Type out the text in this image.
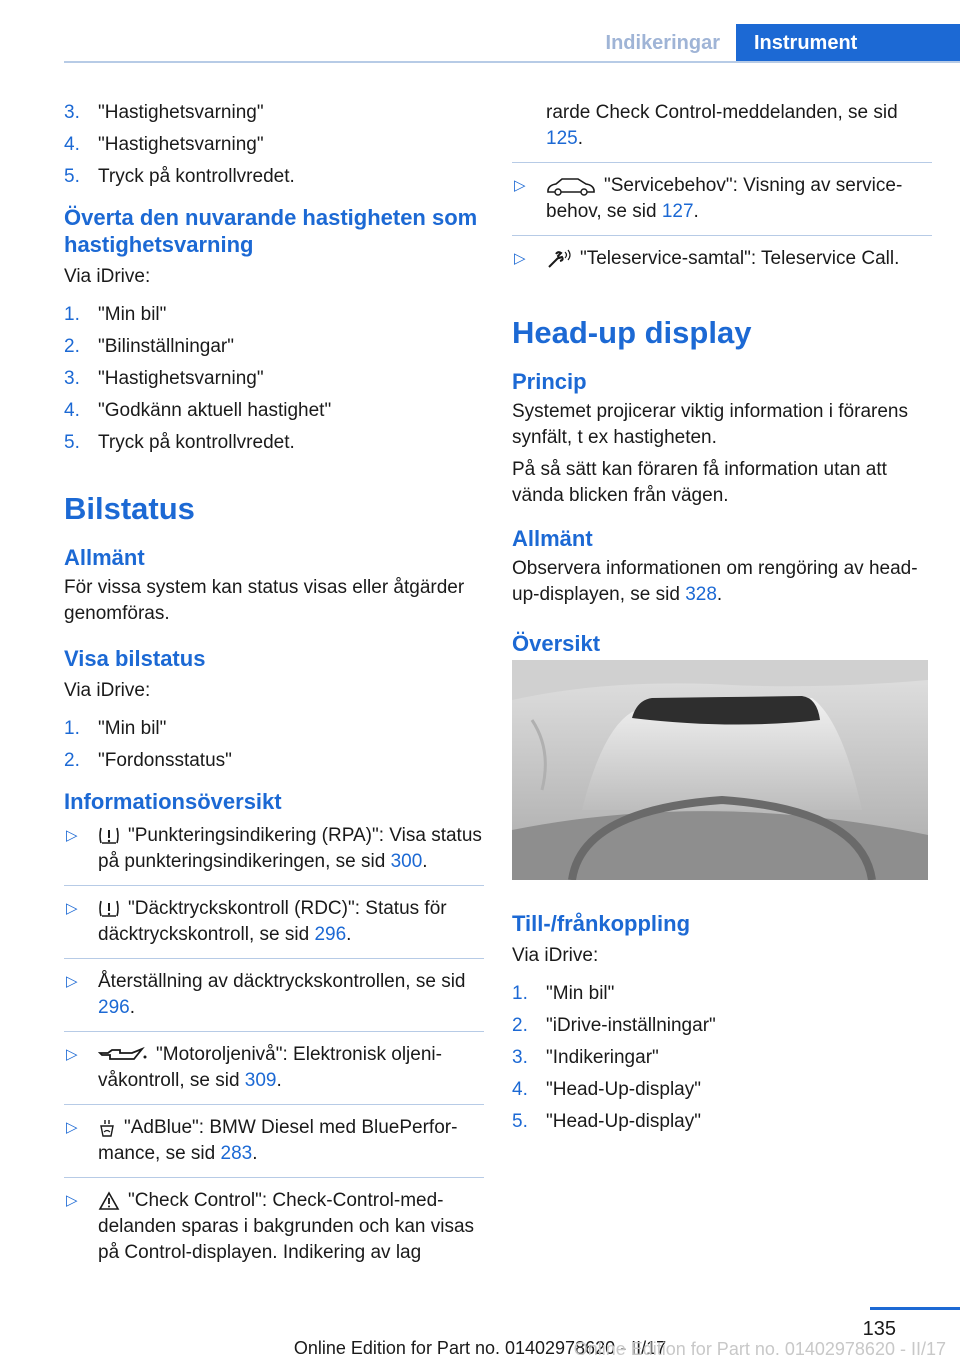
Indikeringar	Instrument
3. "Hastighetsvarning"
4. "Hastighetsvarning"
5. Tryck på kontrollvredet.
Överta den nuvarande hastigheten som hastighetsvarning
Via iDrive:
1. "Min bil"
2. "Bilinställningar"
3. "Hastighetsvarning"
4. "Godkänn aktuell hastighet"
5. Tryck på kontrollvredet.
Bilstatus
Allmänt
För vissa system kan status visas eller åtgärder genomföras.
Visa bilstatus
Via iDrive:
1. "Min bil"
2. "Fordonsstatus"
Informationsöversikt
▷	"Punkteringsindikering (RPA)": Visa status på punkteringsindikeringen, se sid 300.
▷	"Däcktryckskontroll (RDC)": Status för däcktryckskontroll, se sid 296.
▷ Återställning av däcktryckskontrollen, se sid 296.
▷	"Motoroljenivå": Elektronisk oljenivåkontroll, se sid 309.
▷ "AdBlue": BMW Diesel med BluePerformance, se sid 283.
▷	"Check Control": Check-Control-meddelanden sparas i bakgrunden och kan visas på Control-displayen. Indikering av lag
rarde Check Control-meddelanden, se sid 125.
▷	"Servicebehov": Visning av servicebehov, se sid 127.
▷	"Teleservice-samtal": Teleservice Call.
Head-up display
Princip
Systemet projicerar viktig information i förarens synfält, t ex hastigheten.
På så sätt kan föraren få information utan att vända blicken från vägen.
Allmänt
Observera informationen om rengöring av head-up-displayen, se sid 328.
Översikt
Till-/frånkoppling
Via iDrive:
1. "Min bil"
2. "iDrive-inställningar"
3. "Indikeringar"
4. "Head-Up-display"
5. "Head-Up-display"
135
Online Edition for Part no. 01402978620 - II/17
Online Edition for Part no. 01402978620 - II/17
